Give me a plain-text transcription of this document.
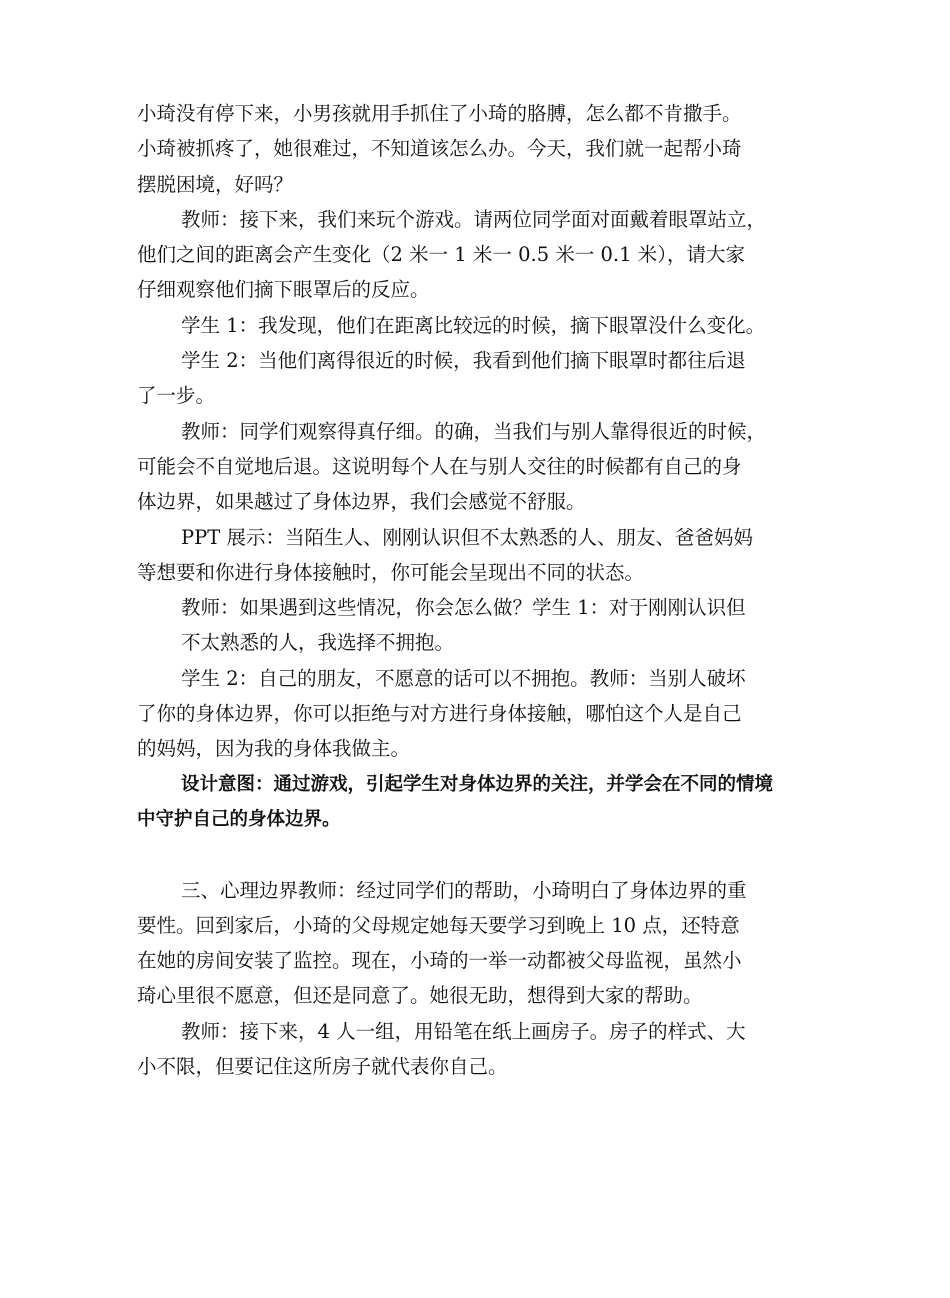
小琦没有停下来，小男孩就用手抓住了小琦的胳膊，怎么都不肯撒手。
小琦被抓疼了，她很难过，不知道该怎么办。今天，我们就一起帮小琦
摆脱困境，好吗？
教师：接下来，我们来玩个游戏。请两位同学面对面戴着眼罩站立，
他们之间的距离会产生变化（2 米一 1 米一 0.5 米一 0.1 米），请大家
仔细观察他们摘下眼罩后的反应。
学生 1：我发现，他们在距离比较远的时候，摘下眼罩没什么变化。
学生 2：当他们离得很近的时候，我看到他们摘下眼罩时都往后退
了一步。
教师：同学们观察得真仔细。的确，当我们与别人靠得很近的时候，
可能会不自觉地后退。这说明每个人在与别人交往的时候都有自己的身
体边界，如果越过了身体边界，我们会感觉不舒服。
PPT 展示：当陌生人、刚刚认识但不太熟悉的人、朋友、爸爸妈妈
等想要和你进行身体接触时，你可能会呈现出不同的状态。
教师：如果遇到这些情况，你会怎么做？学生 1：对于刚刚认识但
不太熟悉的人，我选择不拥抱。
学生 2：自己的朋友，不愿意的话可以不拥抱。教师：当别人破坏
了你的身体边界，你可以拒绝与对方进行身体接触，哪怕这个人是自己
的妈妈，因为我的身体我做主。
设计意图：通过游戏，引起学生对身体边界的关注，并学会在不同的情境
中守护自己的身体边界。
三、心理边界教师：经过同学们的帮助，小琦明白了身体边界的重
要性。回到家后，小琦的父母规定她每天要学习到晚上 10 点，还特意
在她的房间安装了监控。现在，小琦的一举一动都被父母监视，虽然小
琦心里很不愿意，但还是同意了。她很无助，想得到大家的帮助。
教师：接下来，4 人一组，用铅笔在纸上画房子。房子的样式、大
小不限，但要记住这所房子就代表你自己。
